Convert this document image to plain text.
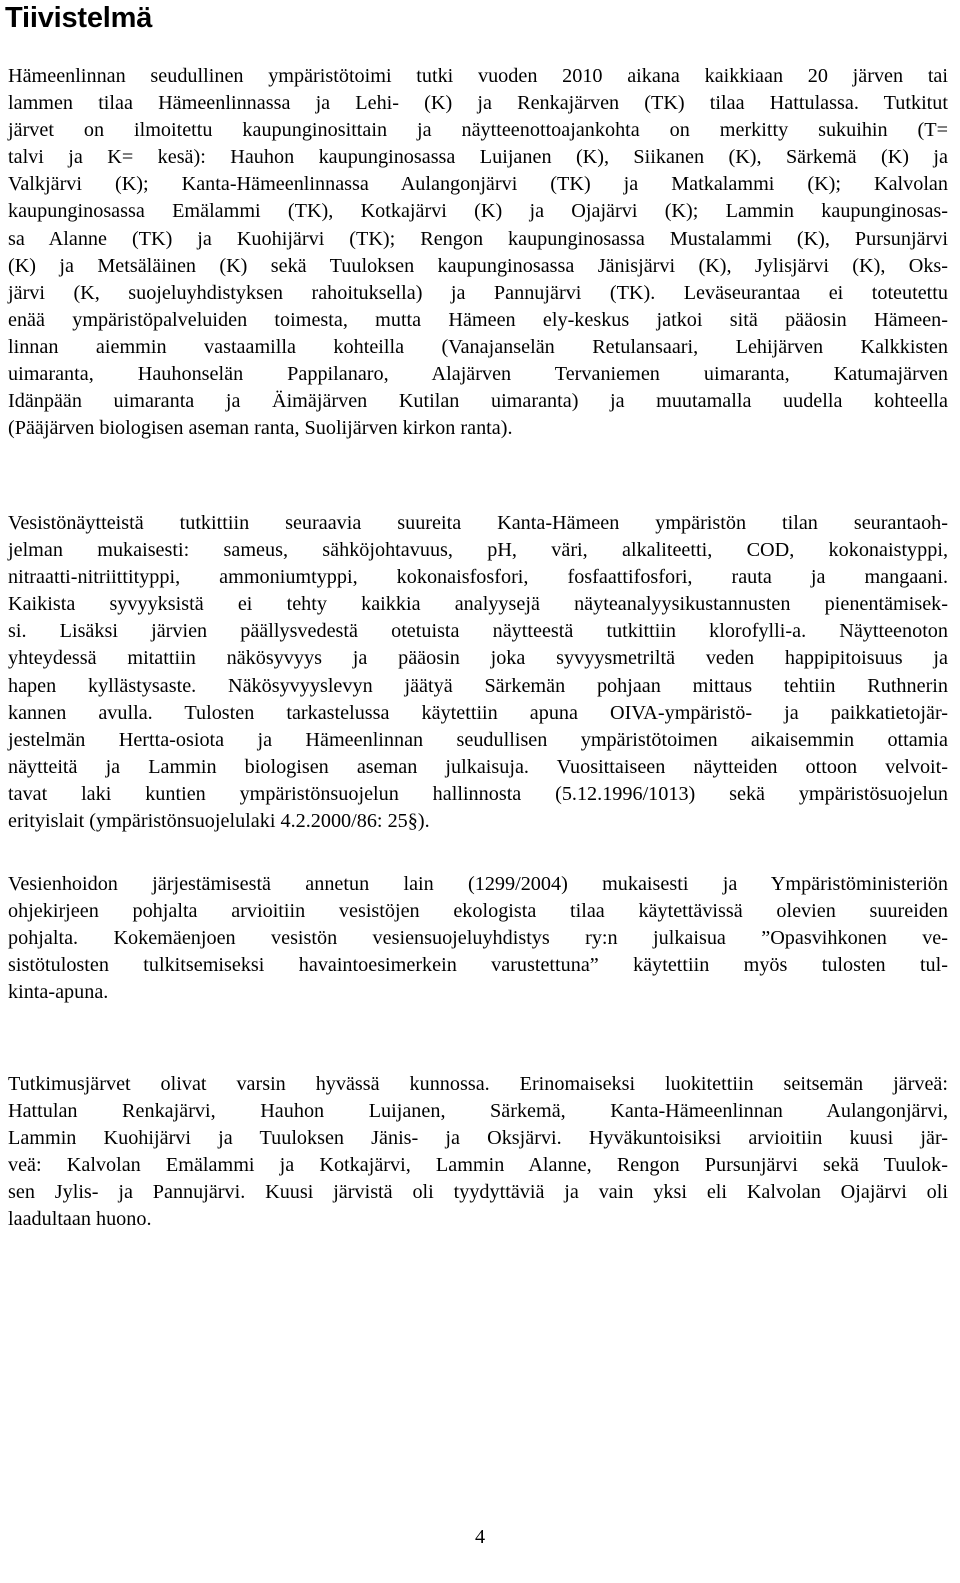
Tiivistelmä
Hämeenlinnan seudullinen ympäristötoimi tutki vuoden 2010 aikana kaikkiaan 20 järven tai
lammen tilaa Hämeenlinnassa ja Lehi- (K) ja Renkajärven (TK) tilaa Hattulassa. Tutkitut
järvet on ilmoitettu kaupunginosittain ja näytteenottoajankohta on merkitty sukuihin (T=
talvi ja K= kesä): Hauhon kaupunginosassa Luijanen (K), Siikanen (K), Särkemä (K) ja
Valkjärvi (K); Kanta-Hämeenlinnassa Aulangonjärvi (TK) ja Matkalammi (K); Kalvolan
kaupunginosassa Emälammi (TK), Kotkajärvi (K) ja Ojajärvi (K); Lammin kaupunginosas-
sa Alanne (TK) ja Kuohijärvi (TK); Rengon kaupunginosassa Mustalammi (K), Pursunjärvi
(K) ja Metsäläinen (K) sekä Tuuloksen kaupunginosassa Jänisjärvi (K), Jylisjärvi (K), Oks-
järvi (K, suojeluyhdistyksen rahoituksella) ja Pannujärvi (TK). Leväseurantaa ei toteutettu
enää ympäristöpalveluiden toimesta, mutta Hämeen ely-keskus jatkoi sitä pääosin Hämeen-
linnan aiemmin vastaamilla kohteilla (Vanajanselän Retulansaari, Lehijärven Kalkkisten
uimaranta, Hauhonselän Pappilanaro, Alajärven Tervaniemen uimaranta, Katumajärven
Idänpään uimaranta ja Äimäjärven Kutilan uimaranta) ja muutamalla uudella kohteella
(Pääjärven biologisen aseman ranta, Suolijärven kirkon ranta).
Vesistönäytteistä tutkittiin seuraavia suureita Kanta-Hämeen ympäristön tilan seurantaoh-
jelman mukaisesti: sameus, sähköjohtavuus, pH, väri, alkaliteetti, COD, kokonaistyppi,
nitraatti-nitriittityppi, ammoniumtyppi, kokonaisfosfori, fosfaattifosfori, rauta ja mangaani.
Kaikista syvyyksistä ei tehty kaikkia analyysejä näyteanalyysikustannusten pienentämisek-
si. Lisäksi järvien päällysvedestä otetuista näytteestä tutkittiin klorofylli-a. Näytteenoton
yhteydessä mitattiin näkösyvyys ja pääosin joka syvyysmetriltä veden happipitoisuus ja
hapen kyllästysaste. Näkösyvyyslevyn jäätyä Särkemän pohjaan mittaus tehtiin Ruthnerin
kannen avulla. Tulosten tarkastelussa käytettiin apuna OIVA-ympäristö- ja paikkatietojär-
jestelmän Hertta-osiota ja Hämeenlinnan seudullisen ympäristötoimen aikaisemmin ottamia
näytteitä ja Lammin biologisen aseman julkaisuja. Vuosittaiseen näytteiden ottoon velvoit-
tavat laki kuntien ympäristönsuojelun hallinnosta (5.12.1996/1013) sekä ympäristösuojelun
erityislait (ympäristönsuojelulaki 4.2.2000/86: 25§).
Vesienhoidon järjestämisestä annetun lain (1299/2004) mukaisesti ja Ympäristöministeriön
ohjekirjeen pohjalta arvioitiin vesistöjen ekologista tilaa käytettävissä olevien suureiden
pohjalta. Kokemäenjoen vesistön vesiensuojeluyhdistys ry:n julkaisua ”Opasvihkonen ve-
sistötulosten tulkitsemiseksi havaintoesimerkein varustettuna” käytettiin myös tulosten tul-
kinta-apuna.
Tutkimusjärvet olivat varsin hyvässä kunnossa. Erinomaiseksi luokitettiin seitsemän järveä:
Hattulan Renkajärvi, Hauhon Luijanen, Särkemä, Kanta-Hämeenlinnan Aulangonjärvi,
Lammin Kuohijärvi ja Tuuloksen Jänis- ja Oksjärvi. Hyväkuntoisiksi arvioitiin kuusi jär-
veä: Kalvolan Emälammi ja Kotkajärvi, Lammin Alanne, Rengon Pursunjärvi sekä Tuulok-
sen Jylis- ja Pannujärvi. Kuusi järvistä oli tyydyttäviä ja vain yksi eli Kalvolan Ojajärvi oli
laadultaan huono.
4
